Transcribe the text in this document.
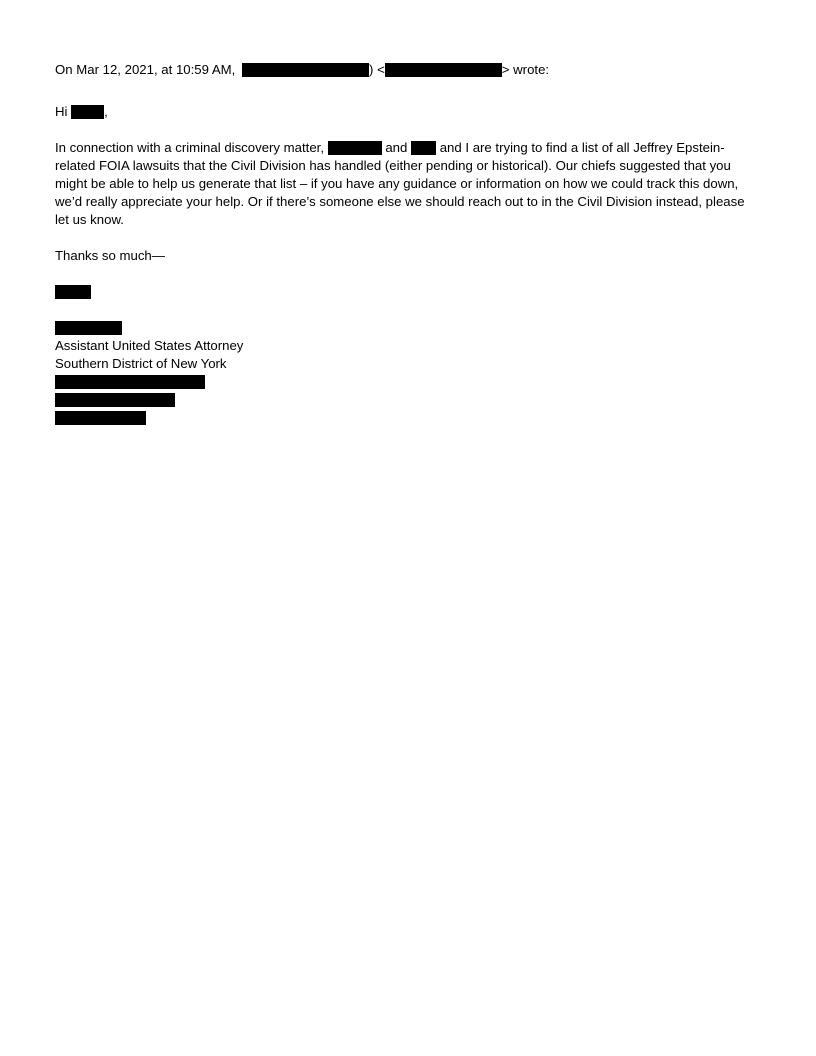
On Mar 12, 2021, at 10:59 AM,	) <	> wrote:
Hi	,
In connection with a criminal discovery matter,	and and I are trying to find a list of all Jeffrey Epstein-
related FOIA lawsuits that the Civil Division has handled (either pending or historical). Our chiefs suggested that you
might be able to help us generate that list – if you have any guidance or information on how we could track this down,
we’d really appreciate your help. Or if there’s someone else we should reach out to in the Civil Division instead, please
let us know.
Thanks so much—
Assistant United States Attorney
Southern District of New York
